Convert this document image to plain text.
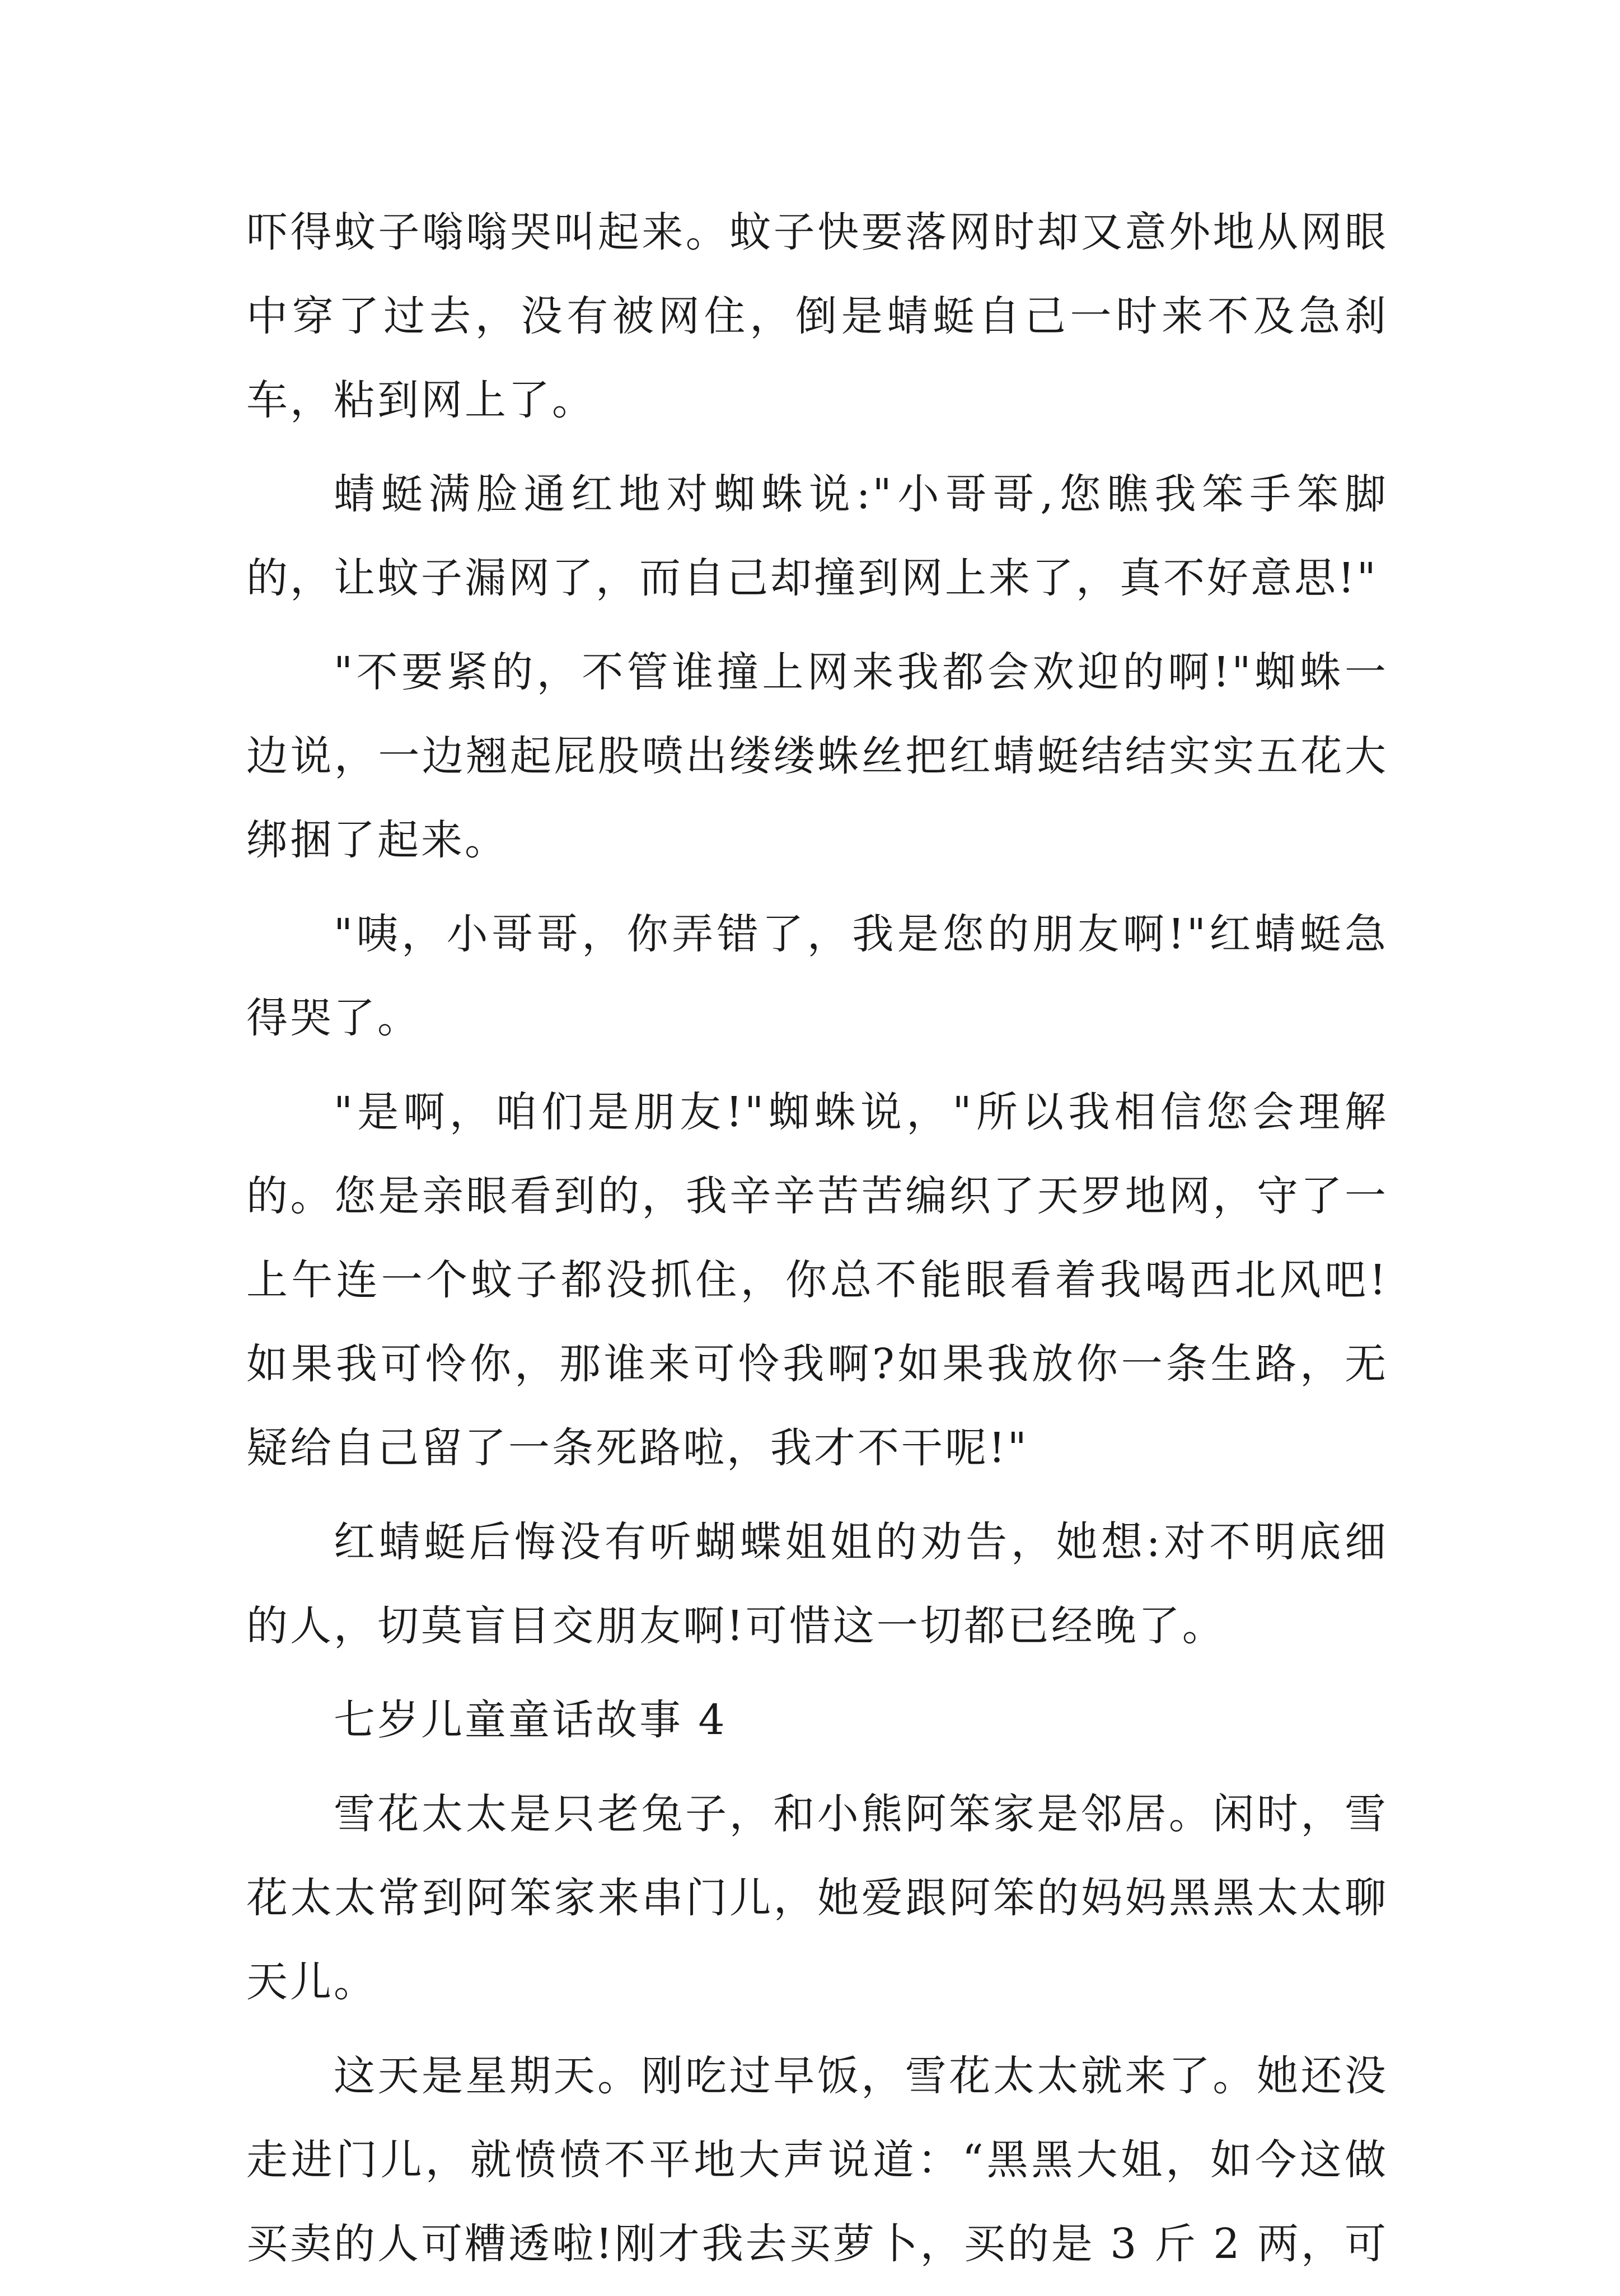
吓得蚊子嗡嗡哭叫起来。蚊子快要落网时却又意外地从网眼中穿了过去，没有被网住，倒是蜻蜓自己一时来不及急刹车，粘到网上了。

蜻蜓满脸通红地对蜘蛛说:"小哥哥,您瞧我笨手笨脚的，让蚊子漏网了，而自己却撞到网上来了，真不好意思!"

"不要紧的，不管谁撞上网来我都会欢迎的啊!"蜘蛛一边说，一边翘起屁股喷出缕缕蛛丝把红蜻蜓结结实实五花大绑捆了起来。

"咦，小哥哥，你弄错了，我是您的朋友啊!"红蜻蜓急得哭了。

"是啊，咱们是朋友!"蜘蛛说，"所以我相信您会理解的。您是亲眼看到的，我辛辛苦苦编织了天罗地网，守了一上午连一个蚊子都没抓住，你总不能眼看着我喝西北风吧!如果我可怜你，那谁来可怜我啊?如果我放你一条生路，无疑给自己留了一条死路啦，我才不干呢!"

红蜻蜓后悔没有听蝴蝶姐姐的劝告，她想:对不明底细的人，切莫盲目交朋友啊!可惜这一切都已经晚了。

七岁儿童童话故事 4

雪花太太是只老兔子，和小熊阿笨家是邻居。闲时，雪花太太常到阿笨家来串门儿，她爱跟阿笨的妈妈黑黑太太聊天儿。

这天是星期天。刚吃过早饭，雪花太太就来了。她还没走进门儿，就愤愤不平地大声说道：“黑黑大姐，如今这做买卖的人可糟透啦!刚才我去买萝卜，买的是 3 斤 2 两，可
